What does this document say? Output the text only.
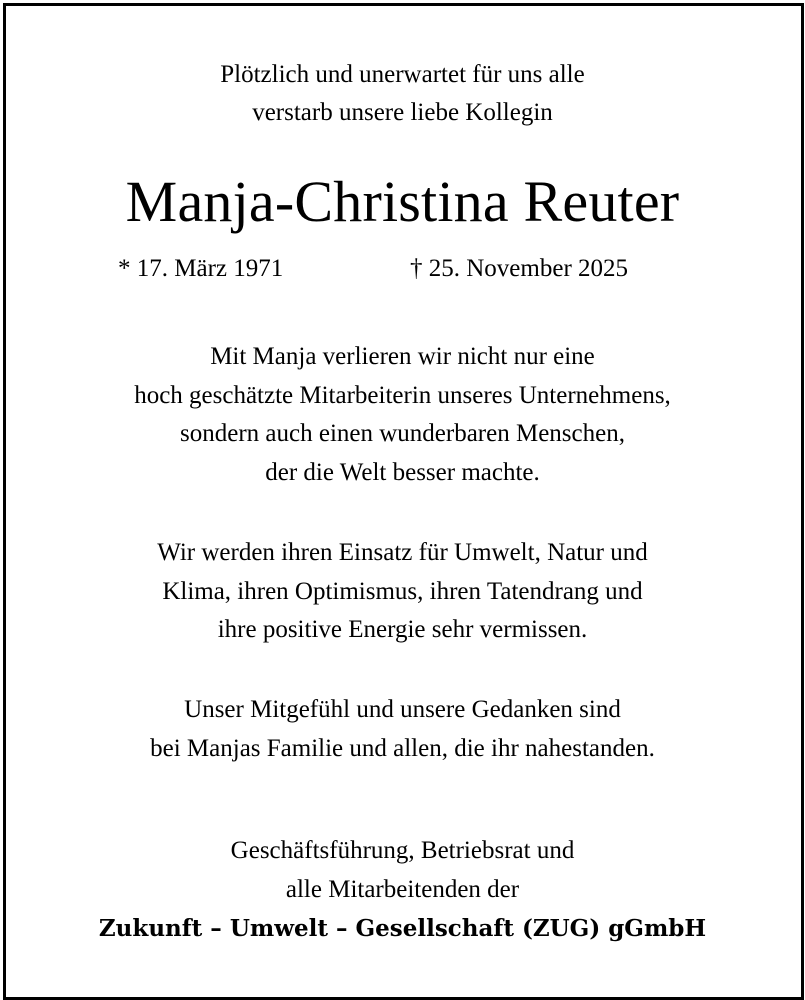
Plötzlich und unerwartet für uns alle
verstarb unsere liebe Kollegin
Manja-Christina Reuter
* 17. März 1971	† 25. November 2025
Mit Manja verlieren wir nicht nur eine
hoch geschätzte Mitarbeiterin unseres Unternehmens,
sondern auch einen wunderbaren Menschen,
der die Welt besser machte.
Wir werden ihren Einsatz für Umwelt, Natur und
Klima, ihren Optimismus, ihren Tatendrang und
ihre positive Energie sehr vermissen.
Unser Mitgefühl und unsere Gedanken sind
bei Manjas Familie und allen, die ihr nahestanden.
Geschäftsführung, Betriebsrat und
alle Mitarbeitenden der
Zukunft – Umwelt – Gesellschaft (ZUG) gGmbH
